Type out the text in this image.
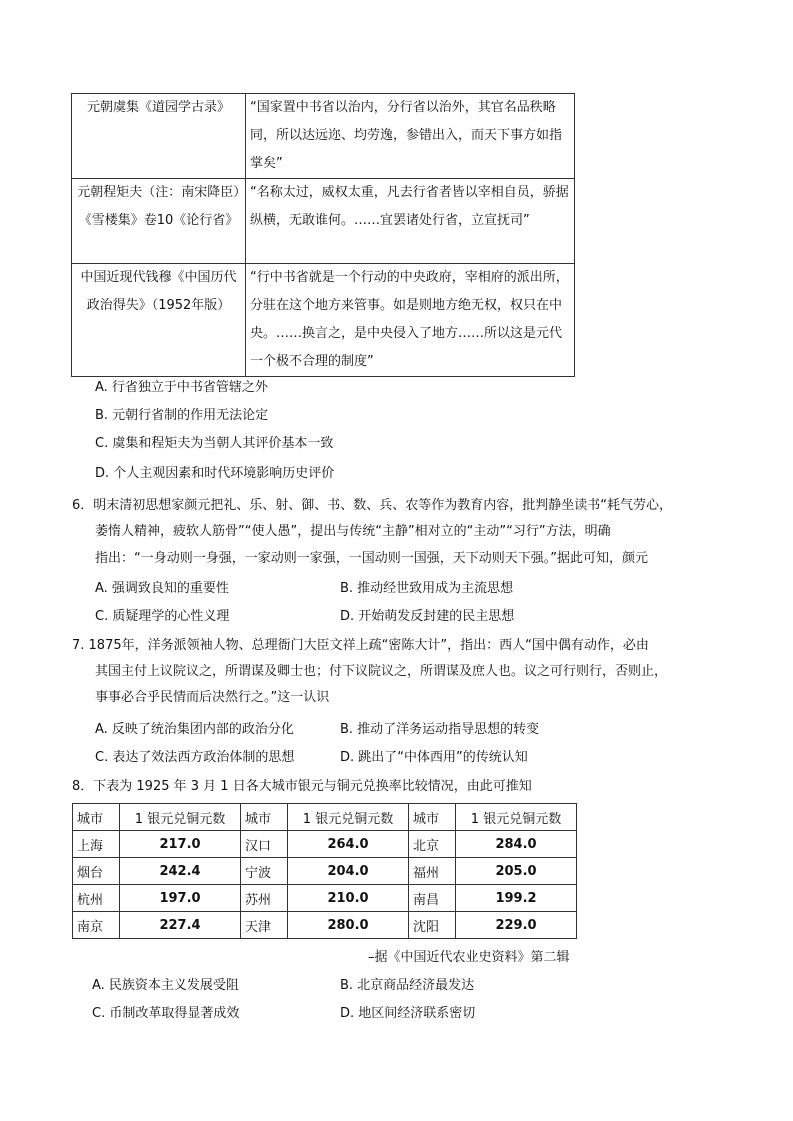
元朝虞集《道园学古录》	“国家置中书省以治内，分行省以治外，其官名品秩略同，所以达远迩、均劳逸，参错出入，而天下事方如指掌矣”
元朝程矩夫（注：南宋降臣）《雪楼集》卷10《论行省》	“名称太过，威权太重，凡去行省者皆以宰相自员，骄据纵横，无敢谁何。……宜罢诸处行省，立宣抚司”
中国近现代钱穆《中国历代政治得失》（1952年版）	“行中书省就是一个行动的中央政府，宰相府的派出所，分驻在这个地方来管事。如是则地方绝无权，权只在中央。……换言之，是中央侵入了地方……所以这是元代一个极不合理的制度”
A. 行省独立于中书省管辖之外
B. 元朝行省制的作用无法论定
C. 虞集和程矩夫为当朝人其评价基本一致
D. 个人主观因素和时代环境影响历史评价
6．明末清初思想家颜元把礼、乐、射、御、书、数、兵、农等作为教育内容，批判静坐读书“耗气劳心，
萎惰人精神，疲软人筋骨”“使人愚”，提出与传统“主静”相对立的“主动”“习行”方法，明确
指出：“一身动则一身强，一家动则一家强，一国动则一国强，天下动则天下强。”据此可知，颜元
A. 强调致良知的重要性	B. 推动经世致用成为主流思想
C. 质疑理学的心性义理	D. 开始萌发反封建的民主思想
7. 1875年，洋务派领袖人物、总理衙门大臣文祥上疏“密陈大计”，指出：西人“国中偶有动作，必由
其国主付上议院议之，所谓谋及卿士也；付下议院议之，所谓谋及庶人也。议之可行则行，否则止，
事事必合乎民情而后决然行之。”这一认识
A. 反映了统治集团内部的政治分化	B. 推动了洋务运动指导思想的转变
C. 表达了效法西方政治体制的思想	D. 跳出了“中体西用”的传统认知
8．下表为 1925 年 3 月 1 日各大城市银元与铜元兑换率比较情况，由此可推知
城市	1 银元兑铜元数	城市	1 银元兑铜元数	城市	1 银元兑铜元数
上海	217.0	汉口	264.0	北京	284.0
烟台	242.4	宁波	204.0	福州	205.0
杭州	197.0	苏州	210.0	南昌	199.2
南京	227.4	天津	280.0	沈阳	229.0
–据《中国近代农业史资料》第二辑
A. 民族资本主义发展受阻	B. 北京商品经济最发达
C. 币制改革取得显著成效	D. 地区间经济联系密切
